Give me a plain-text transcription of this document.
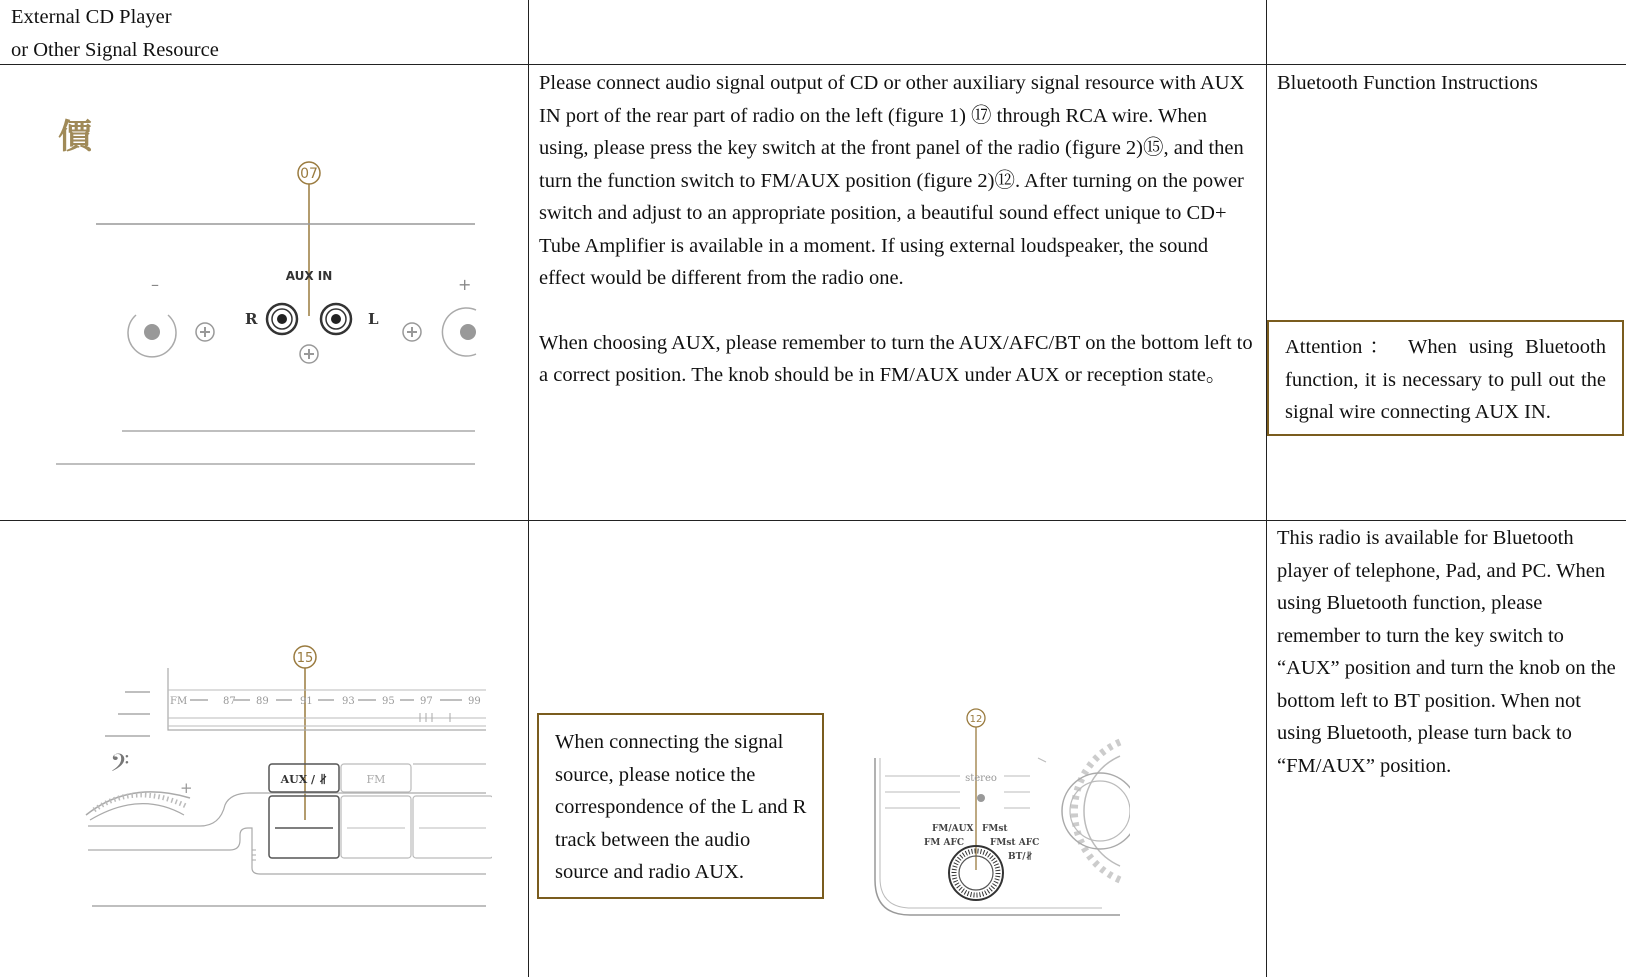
External CD Player
or Other Signal Resource

Please connect audio signal output of CD or other auxiliary signal resource with AUX IN port of the rear part of radio on the left (figure 1) ⑰ through RCA wire. When using, please press the key switch at the front panel of the radio (figure 2)⑮, and then turn the function switch to FM/AUX position (figure 2)⑫. After turning on the power switch and adjust to an appropriate position, a beautiful sound effect unique to CD+ Tube Amplifier is available in a moment. If using external loudspeaker, the sound effect would be different from the radio one.

When choosing AUX, please remember to turn the AUX/AFC/BT on the bottom left to a correct position. The knob should be in FM/AUX under AUX or reception state。

Bluetooth Function Instructions

Attention： When using Bluetooth function, it is necessary to pull out the signal wire connecting AUX IN.

When connecting the signal source, please notice the correspondence of the L and R track between the audio source and radio AUX.

This radio is available for Bluetooth player of telephone, Pad, and PC. When using Bluetooth function, please remember to turn the key switch to “AUX” position and turn the knob on the bottom left to BT position. When not using Bluetooth, please turn back to “FM/AUX” position.
價
07
AUX IN
–	+
R	L
15
FM	87 89	91	93	95	97	99
𝄢
+	AUX / ∦	FM
12
stereo
FM/AUX FMst
FM AFC	FMst AFC
BT/∦
